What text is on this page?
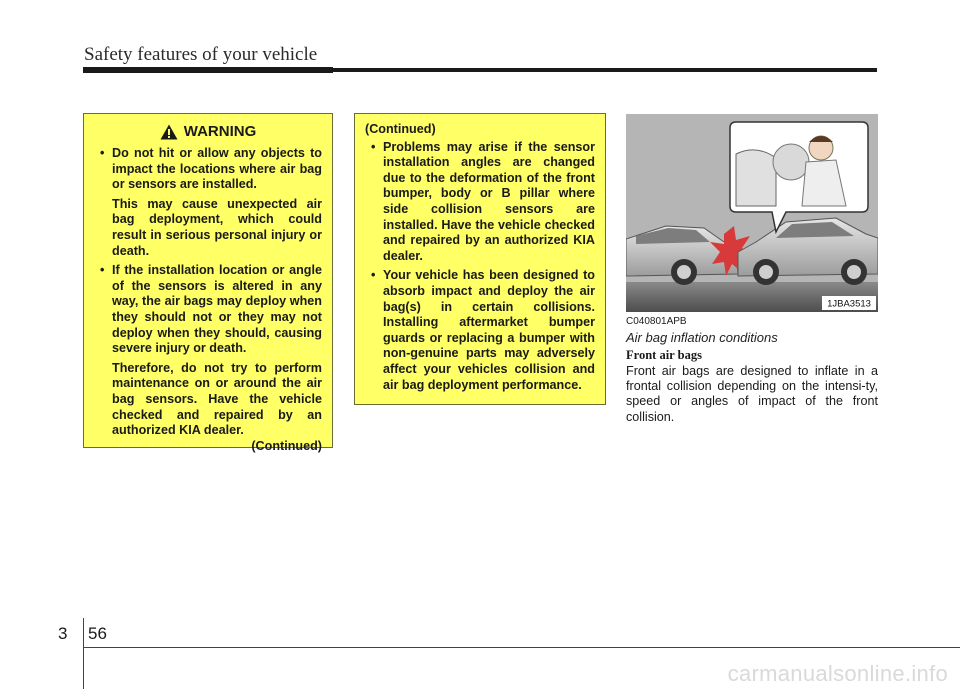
Safety features of your vehicle
WARNING
• Do not hit or allow any objects to impact the locations where air bag or sensors are installed.
This may cause unexpected air bag deployment, which could result in serious personal injury or death.
• If the installation location or angle of the sensors is altered in any way, the air bags may deploy when they should not or they may not deploy when they should, causing severe injury or death.
Therefore, do not try to perform maintenance on or around the air bag sensors. Have the vehicle checked and repaired by an authorized KIA dealer.
(Continued)
(Continued)
• Problems may arise if the sensor installation angles are changed due to the deformation of the front bumper, body or B pillar where side collision sensors are installed. Have the vehicle checked and repaired by an authorized KIA dealer.
• Your vehicle has been designed to absorb impact and deploy the air bag(s) in certain collisions. Installing aftermarket bumper guards or replacing a bumper with non-genuine parts may adversely affect your vehicles collision and air bag deployment performance.
1JBA3513
C040801APB
Air bag inflation conditions
Front air bags
Front air bags are designed to inflate in a frontal collision depending on the intensi-ty, speed or angles of impact of the front collision.
3 56
carmanualsonline.info
